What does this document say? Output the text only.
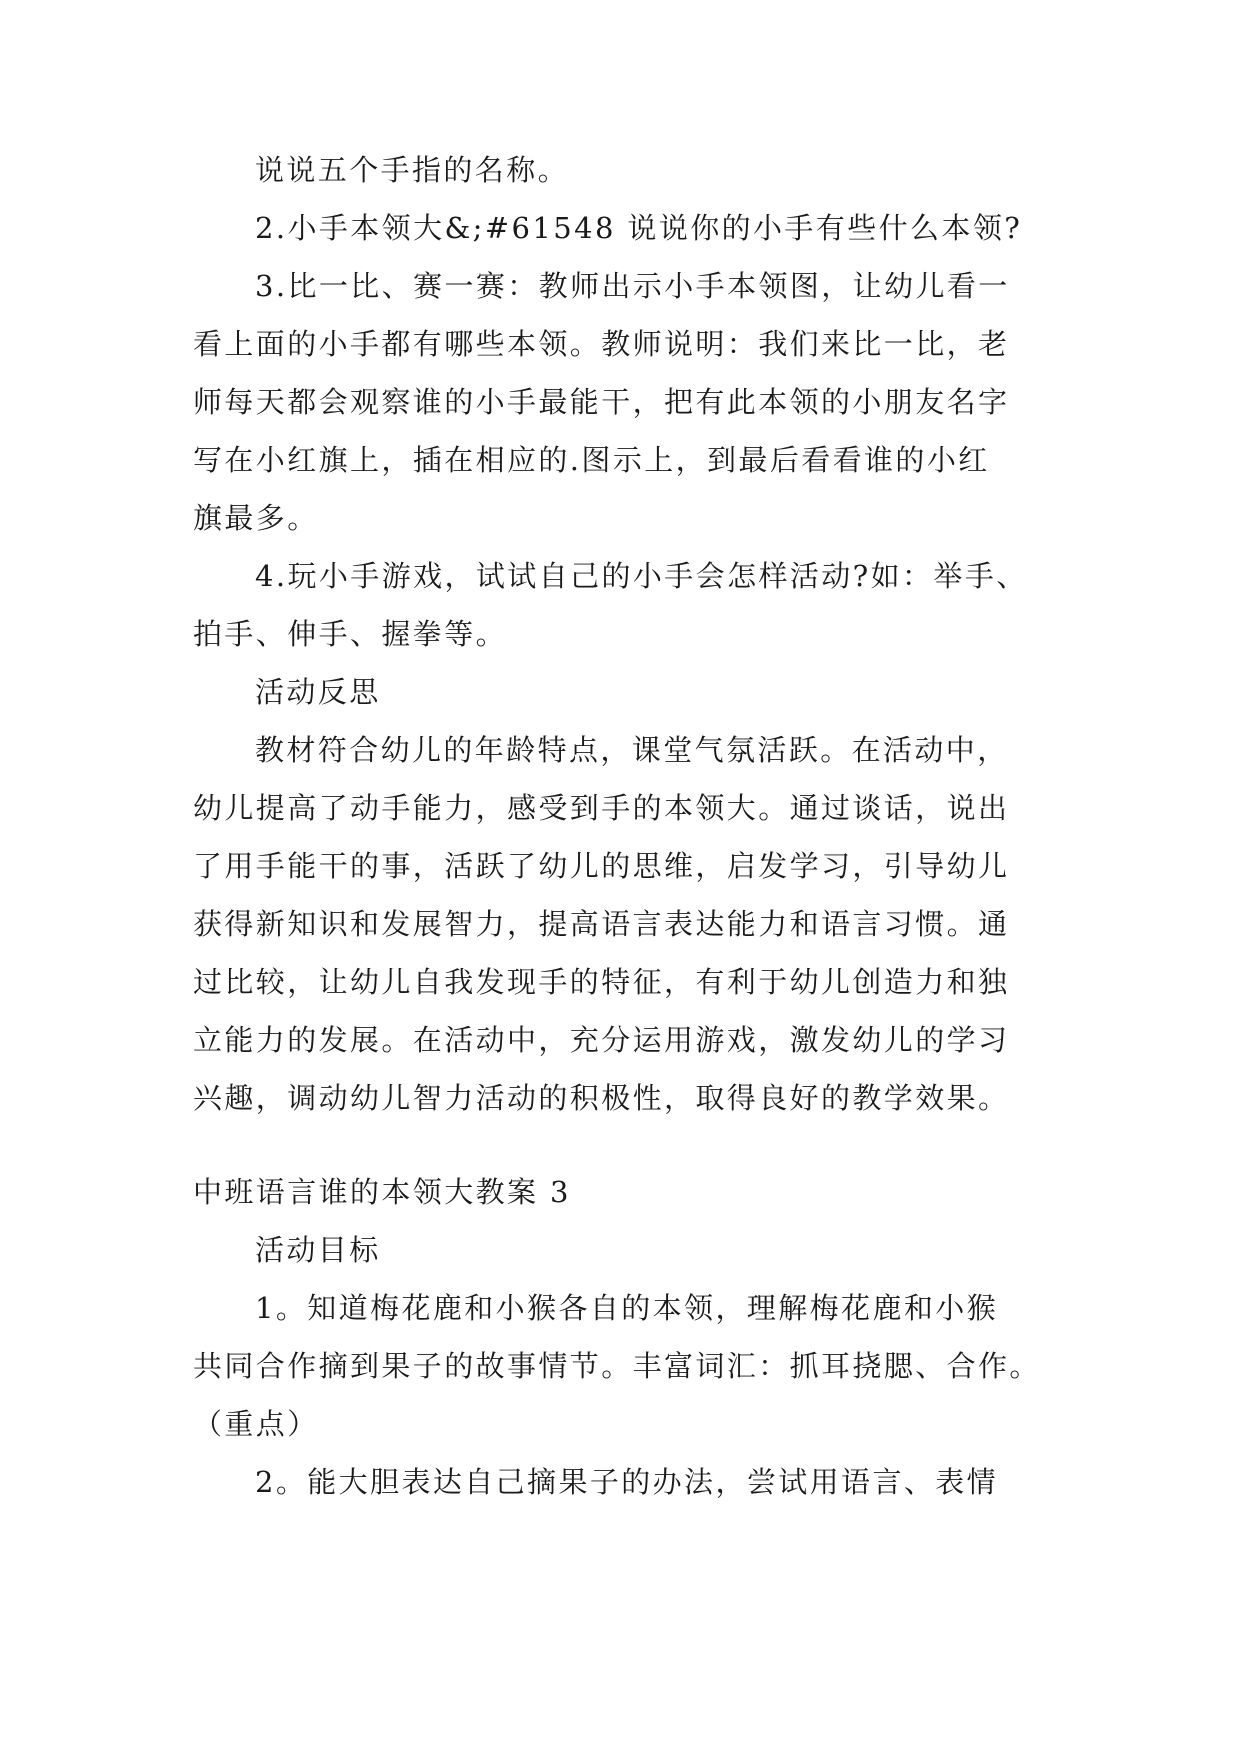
说说五个手指的名称。
2.小手本领大&;#61548 说说你的小手有些什么本领?
3.比一比、赛一赛：教师出示小手本领图，让幼儿看一
看上面的小手都有哪些本领。教师说明：我们来比一比，老
师每天都会观察谁的小手最能干，把有此本领的小朋友名字
写在小红旗上，插在相应的.图示上，到最后看看谁的小红
旗最多。
4.玩小手游戏，试试自己的小手会怎样活动?如：举手、
拍手、伸手、握拳等。
活动反思
教材符合幼儿的年龄特点，课堂气氛活跃。在活动中，
幼儿提高了动手能力，感受到手的本领大。通过谈话，说出
了用手能干的事，活跃了幼儿的思维，启发学习，引导幼儿
获得新知识和发展智力，提高语言表达能力和语言习惯。通
过比较，让幼儿自我发现手的特征，有利于幼儿创造力和独
立能力的发展。在活动中，充分运用游戏，激发幼儿的学习
兴趣，调动幼儿智力活动的积极性，取得良好的教学效果。
中班语言谁的本领大教案 3
活动目标
1。知道梅花鹿和小猴各自的本领，理解梅花鹿和小猴
共同合作摘到果子的故事情节。丰富词汇：抓耳挠腮、合作。
（重点）
2。能大胆表达自己摘果子的办法，尝试用语言、表情
